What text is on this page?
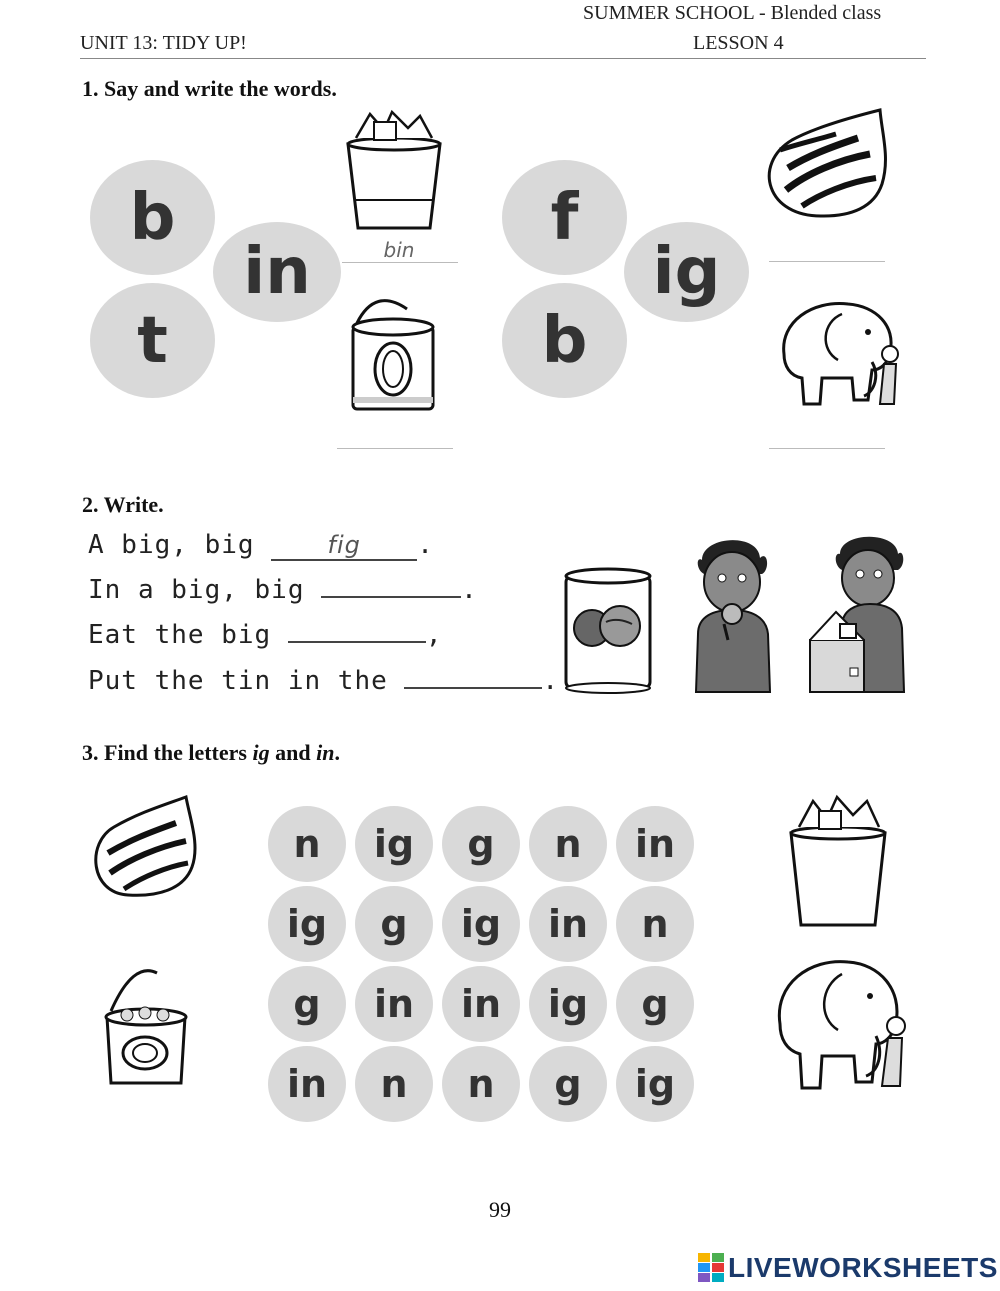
SUMMER SCHOOL - Blended class
UNIT 13: TIDY UP!	LESSON 4
1. Say and write the words.
b
t
in	bin	f
b
ig
2. Write.
A big, big	fig .
In a big, big	.
Eat the big	,
Put the tin in the	.
3. Find the letters ig and in.
n ig g n in
ig g ig in n
g in in ig g
in n n g ig
99
LIVEWORKSHEETS
